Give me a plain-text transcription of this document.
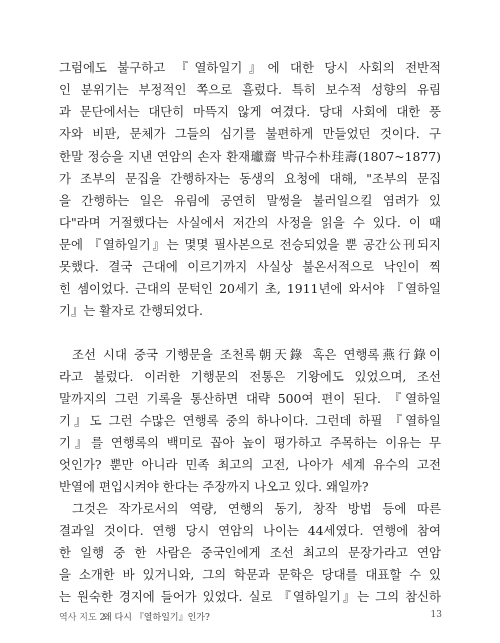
그럼에도 불구하고 『열하일기』에 대한 당시 사회의 전반적
인 분위기는 부정적인 쪽으로 흘렀다. 특히 보수적 성향의 유림
과 문단에서는 대단히 마뜩지 않게 여겼다. 당대 사회에 대한 풍
자와 비판, 문체가 그들의 심기를 불편하게 만들었던 것이다. 구
한말 정승을 지낸 연암의 손자 환재瓛齋 박규수朴珪壽(1807~1877)
가 조부의 문집을 간행하자는 동생의 요청에 대해, "조부의 문집
을 간행하는 일은 유림에 공연히 말썽을 불러일으킬 염려가 있
다"라며 거절했다는 사실에서 저간의 사정을 읽을 수 있다. 이 때
문에 『열하일기』는 몇몇 필사본으로 전승되었을 뿐 공간公刊되지
못했다. 결국 근대에 이르기까지 사실상 불온서적으로 낙인이 찍
힌 셈이었다. 근대의 문턱인 20세기 초, 1911년에 와서야 『열하일
기』는 활자로 간행되었다.
조선 시대 중국 기행문을 조천록朝天錄 혹은 연행록燕行錄이
라고 불렀다. 이러한 기행문의 전통은 기왕에도 있었으며, 조선
말까지의 그런 기록을 통산하면 대략 500여 편이 된다. 『열하일
기』도 그런 수많은 연행록 중의 하나이다. 그런데 하필 『열하일
기』를 연행록의 백미로 꼽아 높이 평가하고 주목하는 이유는 무
엇인가? 뿐만 아니라 민족 최고의 고전, 나아가 세계 유수의 고전
반열에 편입시켜야 한다는 주장까지 나오고 있다. 왜일까?
그것은 작가로서의 역량, 연행의 동기, 창작 방법 등에 따른
결과일 것이다. 연행 당시 연암의 나이는 44세였다. 연행에 참여
한 일행 중 한 사람은 중국인에게 조선 최고의 문장가라고 연암
을 소개한 바 있거니와, 그의 학문과 문학은 당대를 대표할 수 있
는 원숙한 경지에 들어가 있었다. 실로 『열하일기』는 그의 참신하
역사 지도 2
왜 다시 『열하일기』인가?	13
